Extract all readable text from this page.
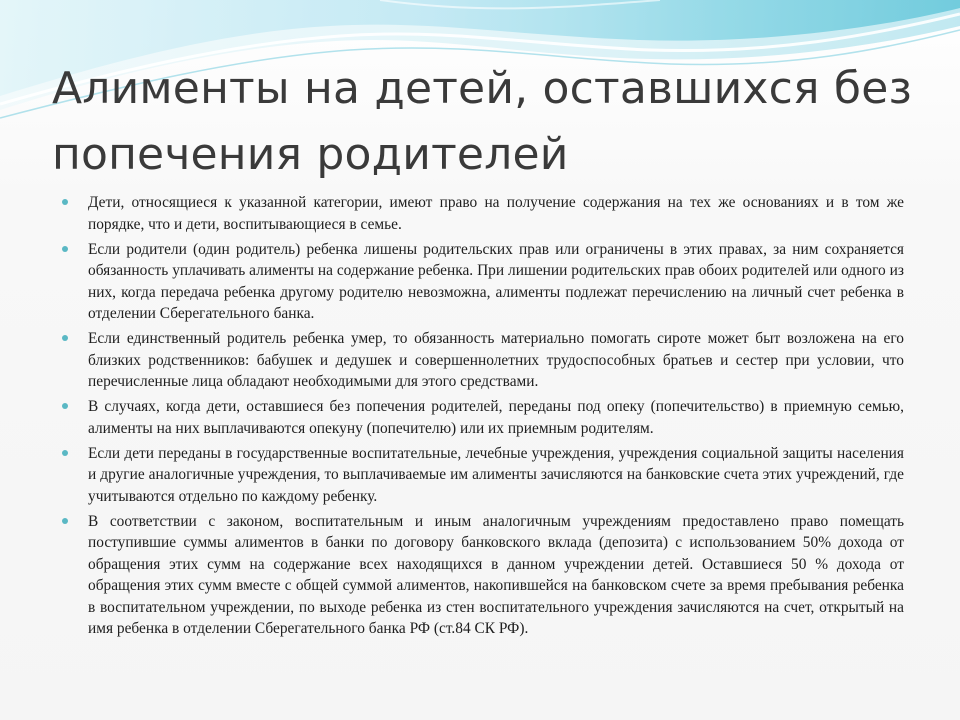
Алименты на детей, оставшихся без попечения родителей
Дети, относящиеся к указанной категории, имеют право на получение содержания на тех же основаниях и в том же порядке, что и дети, воспитывающиеся в семье.
Если родители (один родитель) ребенка лишены родительских прав или ограничены в этих правах, за ним сохраняется обязанность уплачивать алименты на содержание ребенка. При лишении родительских прав обоих родителей или одного из них, когда передача ребенка другому родителю невозможна, алименты подлежат перечислению на личный счет ребенка в отделении Сберегательного банка.
Если единственный родитель ребенка умер, то обязанность материально помогать сироте может быт возложена на его близких родственников: бабушек и дедушек и совершеннолетних трудоспособных братьев и сестер при условии, что перечисленные лица обладают необходимыми для этого средствами.
В случаях, когда дети, оставшиеся без попечения родителей, переданы под опеку (попечительство) в приемную семью, алименты на них выплачиваются опекуну (попечителю) или их приемным родителям.
Если дети переданы в государственные воспитательные, лечебные учреждения, учреждения социальной защиты населения и другие аналогичные учреждения, то выплачиваемые им алименты зачисляются на банковские счета этих учреждений, где учитываются отдельно по каждому ребенку.
В соответствии с законом, воспитательным и иным аналогичным учреждениям предоставлено право помещать поступившие суммы алиментов в банки по договору банковского вклада (депозита) с использованием 50% дохода от обращения этих сумм на содержание всех находящихся в данном учреждении детей. Оставшиеся 50 % дохода от обращения этих сумм вместе с общей суммой алиментов, накопившейся на банковском счете за время пребывания ребенка в воспитательном учреждении, по выходе ребенка из стен воспитательного учреждения зачисляются на счет, открытый на имя ребенка в отделении Сберегательного банка РФ (ст.84 СК РФ).
